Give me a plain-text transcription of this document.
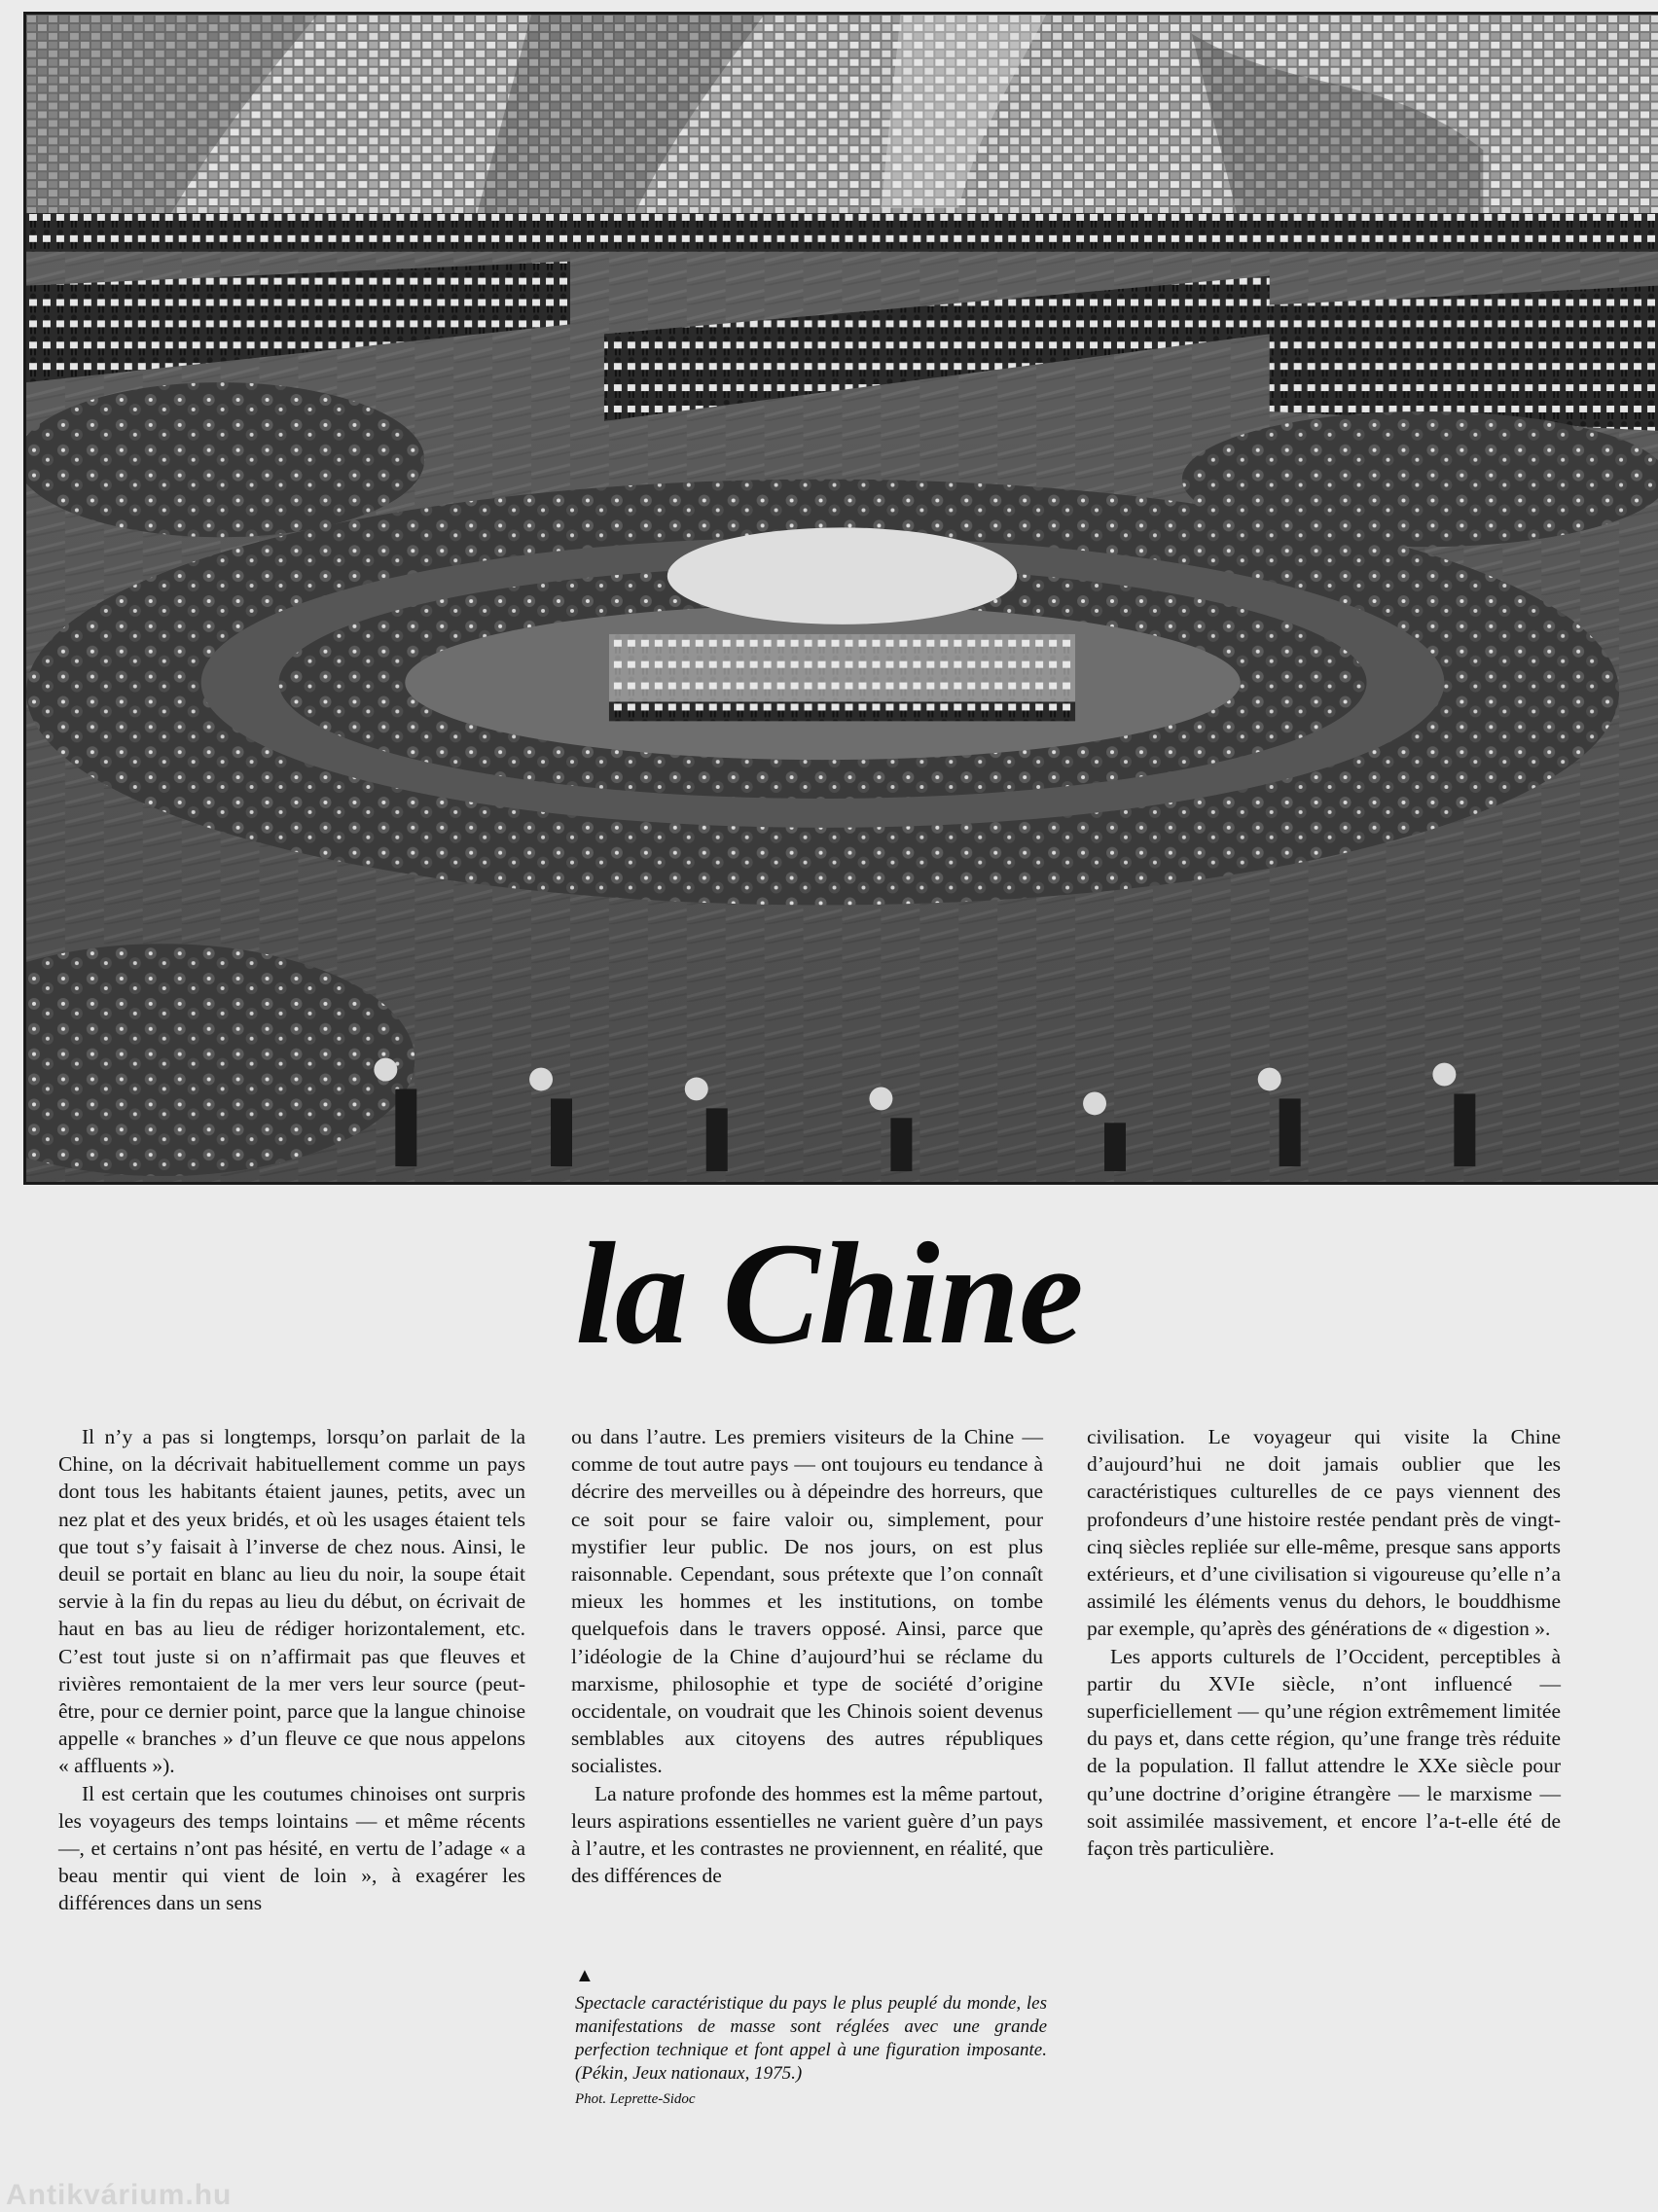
la Chine

Il n’y a pas si longtemps, lorsqu’on parlait de la Chine, on la décrivait habituellement comme un pays dont tous les habitants étaient jaunes, petits, avec un nez plat et des yeux bridés, et où les usages étaient tels que tout s’y faisait à l’inverse de chez nous. Ainsi, le deuil se portait en blanc au lieu du noir, la soupe était servie à la fin du repas au lieu du début, on écrivait de haut en bas au lieu de rédiger horizontalement, etc. C’est tout juste si on n’affirmait pas que fleuves et rivières remontaient de la mer vers leur source (peut-être, pour ce dernier point, parce que la langue chinoise appelle « branches » d’un fleuve ce que nous appelons « affluents »).

Il est certain que les coutumes chinoises ont surpris les voyageurs des temps lointains — et même récents —, et certains n’ont pas hésité, en vertu de l’adage « a beau mentir qui vient de loin », à exagérer les différences dans un sens

ou dans l’autre. Les premiers visiteurs de la Chine — comme de tout autre pays — ont toujours eu tendance à décrire des merveilles ou à dépeindre des horreurs, que ce soit pour se faire valoir ou, simplement, pour mystifier leur public. De nos jours, on est plus raisonnable. Cependant, sous prétexte que l’on connaît mieux les hommes et les institutions, on tombe quelquefois dans le travers opposé. Ainsi, parce que l’idéologie de la Chine d’aujourd’hui se réclame du marxisme, philosophie et type de société d’origine occidentale, on voudrait que les Chinois soient devenus semblables aux citoyens des autres républiques socialistes.

La nature profonde des hommes est la même partout, leurs aspirations essentielles ne varient guère d’un pays à l’autre, et les contrastes ne proviennent, en réalité, que des différences de

civilisation. Le voyageur qui visite la Chine d’aujourd’hui ne doit jamais oublier que les caractéristiques culturelles de ce pays viennent des profondeurs d’une histoire restée pendant près de vingt-cinq siècles repliée sur elle-même, presque sans apports extérieurs, et d’une civilisation si vigoureuse qu’elle n’a assimilé les éléments venus du dehors, le bouddhisme par exemple, qu’après des générations de « digestion ».

Les apports culturels de l’Occident, perceptibles à partir du XVIe siècle, n’ont influencé — superficiellement — qu’une région extrêmement limitée du pays et, dans cette région, qu’une frange très réduite de la population. Il fallut attendre le XXe siècle pour qu’une doctrine d’origine étrangère — le marxisme — soit assimilée massivement, et encore l’a-t-elle été de façon très particulière.

▲

Spectacle caractéristique du pays le plus peuplé du monde, les manifestations de masse sont réglées avec une grande perfection technique et font appel à une figuration imposante. (Pékin, Jeux nationaux, 1975.)

Phot. Leprette-Sidoc

Antikvárium.hu
